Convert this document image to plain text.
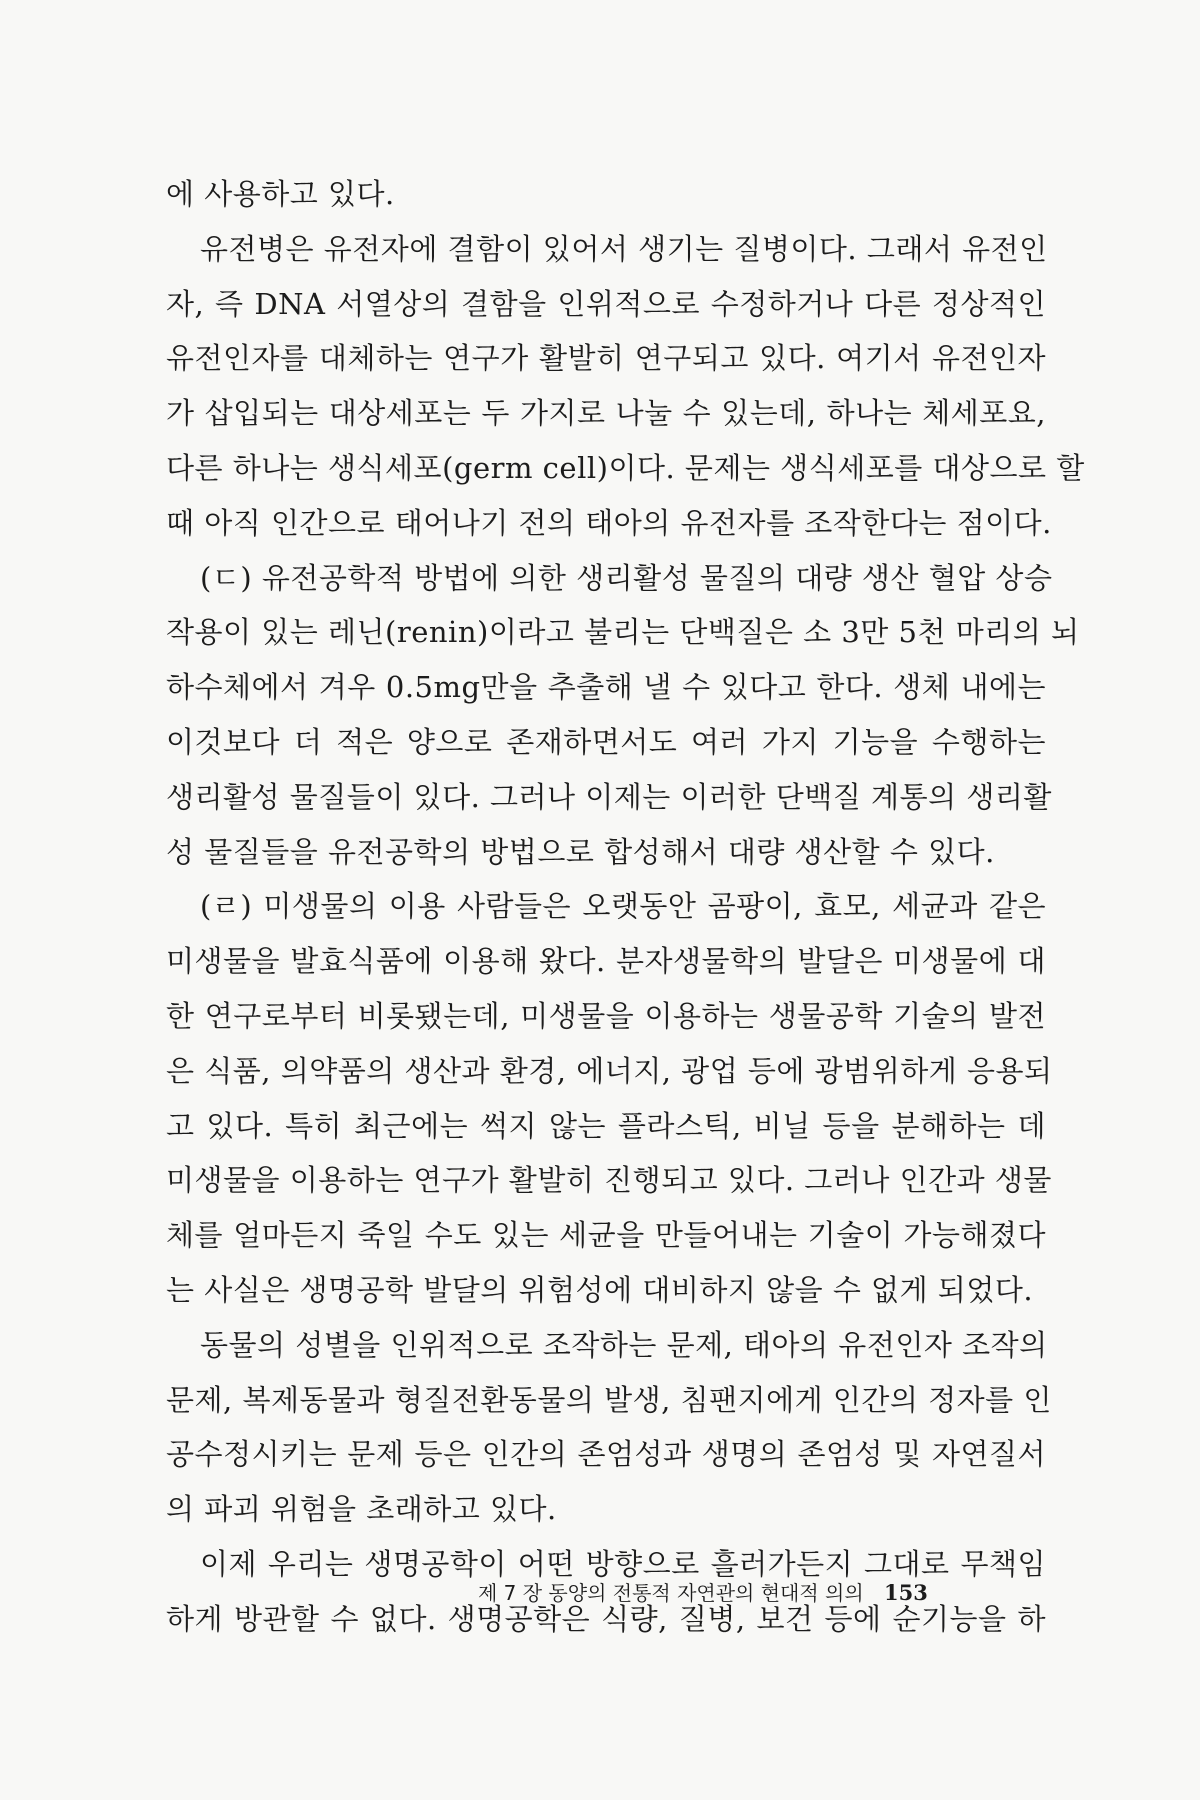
에 사용하고 있다.
유전병은 유전자에 결함이 있어서 생기는 질병이다. 그래서 유전인
자, 즉 DNA 서열상의 결함을 인위적으로 수정하거나 다른 정상적인
유전인자를 대체하는 연구가 활발히 연구되고 있다. 여기서 유전인자
가 삽입되는 대상세포는 두 가지로 나눌 수 있는데, 하나는 체세포요,
다른 하나는 생식세포(germ cell)이다. 문제는 생식세포를 대상으로 할
때 아직 인간으로 태어나기 전의 태아의 유전자를 조작한다는 점이다.
(ㄷ) 유전공학적 방법에 의한 생리활성 물질의 대량 생산 혈압 상승
작용이 있는 레닌(renin)이라고 불리는 단백질은 소 3만 5천 마리의 뇌
하수체에서 겨우 0.5mg만을 추출해 낼 수 있다고 한다. 생체 내에는
이것보다 더 적은 양으로 존재하면서도 여러 가지 기능을 수행하는
생리활성 물질들이 있다. 그러나 이제는 이러한 단백질 계통의 생리활
성 물질들을 유전공학의 방법으로 합성해서 대량 생산할 수 있다.
(ㄹ) 미생물의 이용 사람들은 오랫동안 곰팡이, 효모, 세균과 같은
미생물을 발효식품에 이용해 왔다. 분자생물학의 발달은 미생물에 대
한 연구로부터 비롯됐는데, 미생물을 이용하는 생물공학 기술의 발전
은 식품, 의약품의 생산과 환경, 에너지, 광업 등에 광범위하게 응용되
고 있다. 특히 최근에는 썩지 않는 플라스틱, 비닐 등을 분해하는 데
미생물을 이용하는 연구가 활발히 진행되고 있다. 그러나 인간과 생물
체를 얼마든지 죽일 수도 있는 세균을 만들어내는 기술이 가능해졌다
는 사실은 생명공학 발달의 위험성에 대비하지 않을 수 없게 되었다.
동물의 성별을 인위적으로 조작하는 문제, 태아의 유전인자 조작의
문제, 복제동물과 형질전환동물의 발생, 침팬지에게 인간의 정자를 인
공수정시키는 문제 등은 인간의 존엄성과 생명의 존엄성 및 자연질서
의 파괴 위험을 초래하고 있다.
이제 우리는 생명공학이 어떤 방향으로 흘러가든지 그대로 무책임
하게 방관할 수 없다. 생명공학은 식량, 질병, 보건 등에 순기능을 하
제 7 장 동양의 전통적 자연관의 현대적 의의 153
